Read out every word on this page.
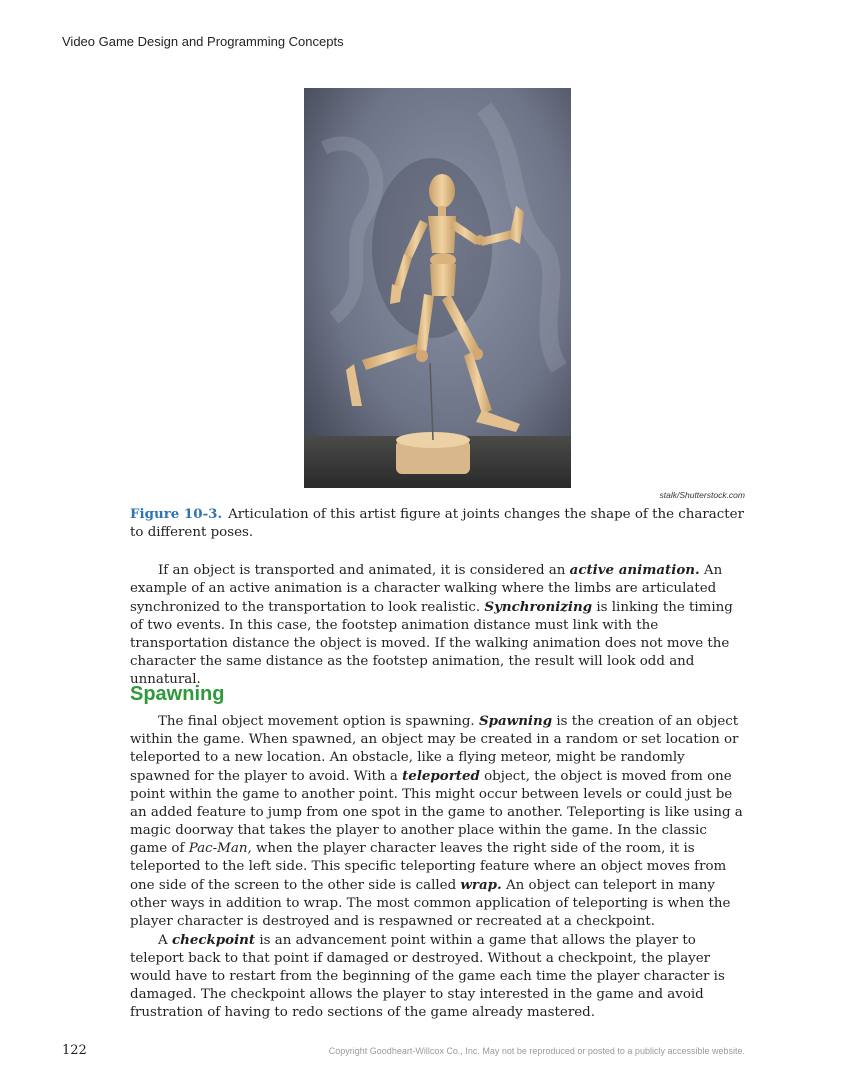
Video Game Design and Programming Concepts
stalk/Shutterstock.com
Figure 10-3. Articulation of this artist figure at joints changes the shape of the character to different poses.

If an object is transported and animated, it is considered an active animation. An example of an active animation is a character walking where the limbs are articulated synchronized to the transportation to look realistic. Synchronizing is linking the timing of two events. In this case, the footstep animation distance must link with the transportation distance the object is moved. If the walking animation does not move the character the same distance as the footstep animation, the result will look odd and unnatural.

Spawning

The final object movement option is spawning. Spawning is the creation of an object within the game. When spawned, an object may be created in a random or set location or teleported to a new location. An obstacle, like a flying meteor, might be randomly spawned for the player to avoid. With a teleported object, the object is moved from one point within the game to another point. This might occur between levels or could just be an added feature to jump from one spot in the game to another. Teleporting is like using a magic doorway that takes the player to another place within the game. In the classic game of Pac-Man, when the player character leaves the right side of the room, it is teleported to the left side. This specific teleporting feature where an object moves from one side of the screen to the other side is called wrap. An object can teleport in many other ways in addition to wrap. The most common application of teleporting is when the player character is destroyed and is respawned or recreated at a checkpoint.

A checkpoint is an advancement point within a game that allows the player to teleport back to that point if damaged or destroyed. Without a checkpoint, the player would have to restart from the beginning of the game each time the player character is damaged. The checkpoint allows the player to stay interested in the game and avoid frustration of having to redo sections of the game already mastered.

122	Copyright Goodheart-Willcox Co., Inc. May not be reproduced or posted to a publicly accessible website.
